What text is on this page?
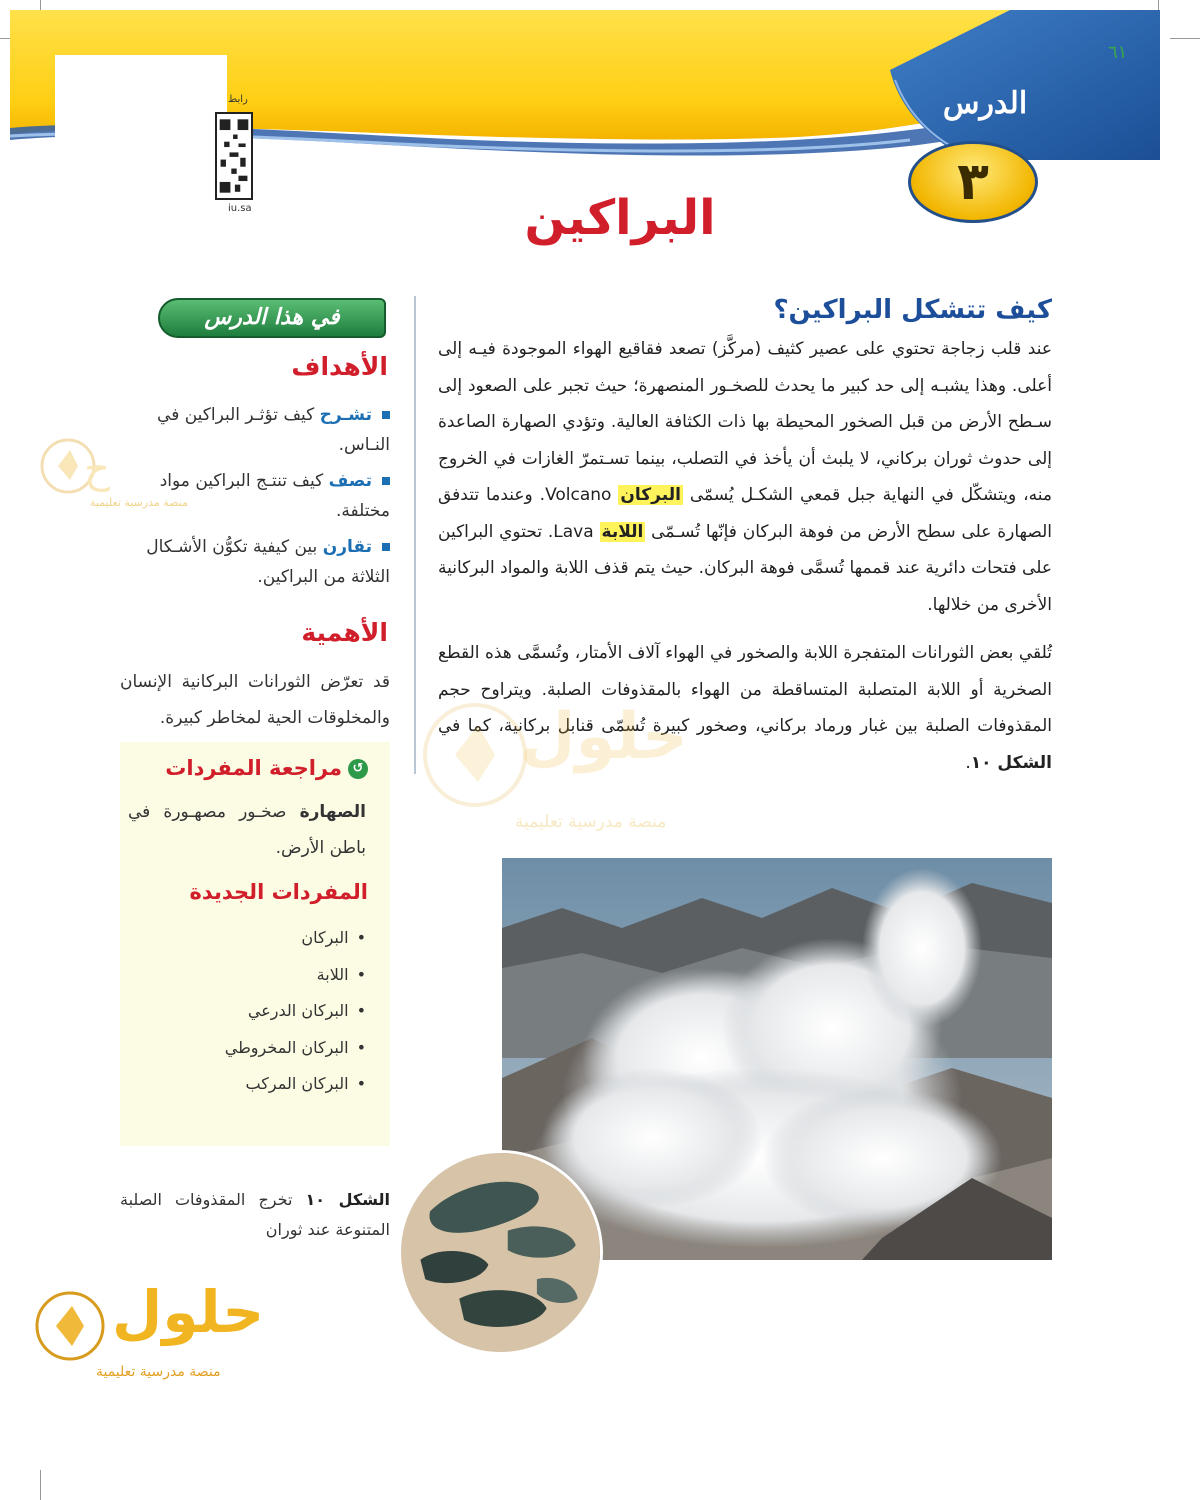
الدرس
٣
٦١
رابط
iu.sa	البراكين
كيف تتشكل البراكين؟

عند قلب زجاجة تحتوي على عصير كثيف (مركَّز) تصعد فقاقيع الهواء الموجودة فيـه إلى أعلى. وهذا يشبـه إلى حد كبير ما يحدث للصخـور المنصهرة؛ حيث تجبر على الصعود إلى سـطح الأرض من قبل الصخور المحيطة بها ذات الكثافة العالية. وتؤدي الصهارة الصاعدة إلى حدوث ثوران بركاني، لا يلبث أن يأخذ في التصلب، بينما تسـتمرّ الغازات في الخروج منه، ويتشكّل في النهاية جبل قمعي الشكـل يُسمّى البركان Volcano. وعندما تتدفق الصهارة على سطح الأرض من فوهة البركان فإنّها تُسـمّى اللابة Lava. تحتوي البراكين على فتحات دائرية عند قممها تُسمَّى فوهة البركان. حيث يتم قذف اللابة والمواد البركانية الأخرى من خلالها.

تُلقي بعض الثورانات المتفجرة اللابة والصخور في الهواء آلاف الأمتار، وتُسمَّى هذه القطع الصخرية أو اللابة المتصلبة المتساقطة من الهواء بالمقذوفات الصلبة. ويتراوح حجم المقذوفات الصلبة بين غبار ورماد بركاني، وصخور كبيرة تُسمّى قنابل بركانية، كما في الشكل ١٠.

في هذا الدرس
الأهداف
تشـرح كيف تؤثـر البراكين في النـاس.
تصف كيف تنتـج البراكين مواد مختلفة.
تقارن بين كيفية تكوُّن الأشـكال الثلاثة من البراكين.
الأهمية
قد تعرّض الثورانات البركانية الإنسان والمخلوقات الحية لمخاطر كبيرة.
↺مراجعة المفردات
الصهارة صخـور مصهـورة في باطن الأرض.
المفردات الجديدة
• البركان
• اللابة
• البركان الدرعي
• البركان المخروطي
• البركان المركب
الشكل ١٠ تخرج المقذوفات الصلبة المتنوعة عند ثوران
ح
منصة مدرسية تعليمية
حلول
منصة مدرسية تعليمية
حلول
منصة مدرسية تعليمية
